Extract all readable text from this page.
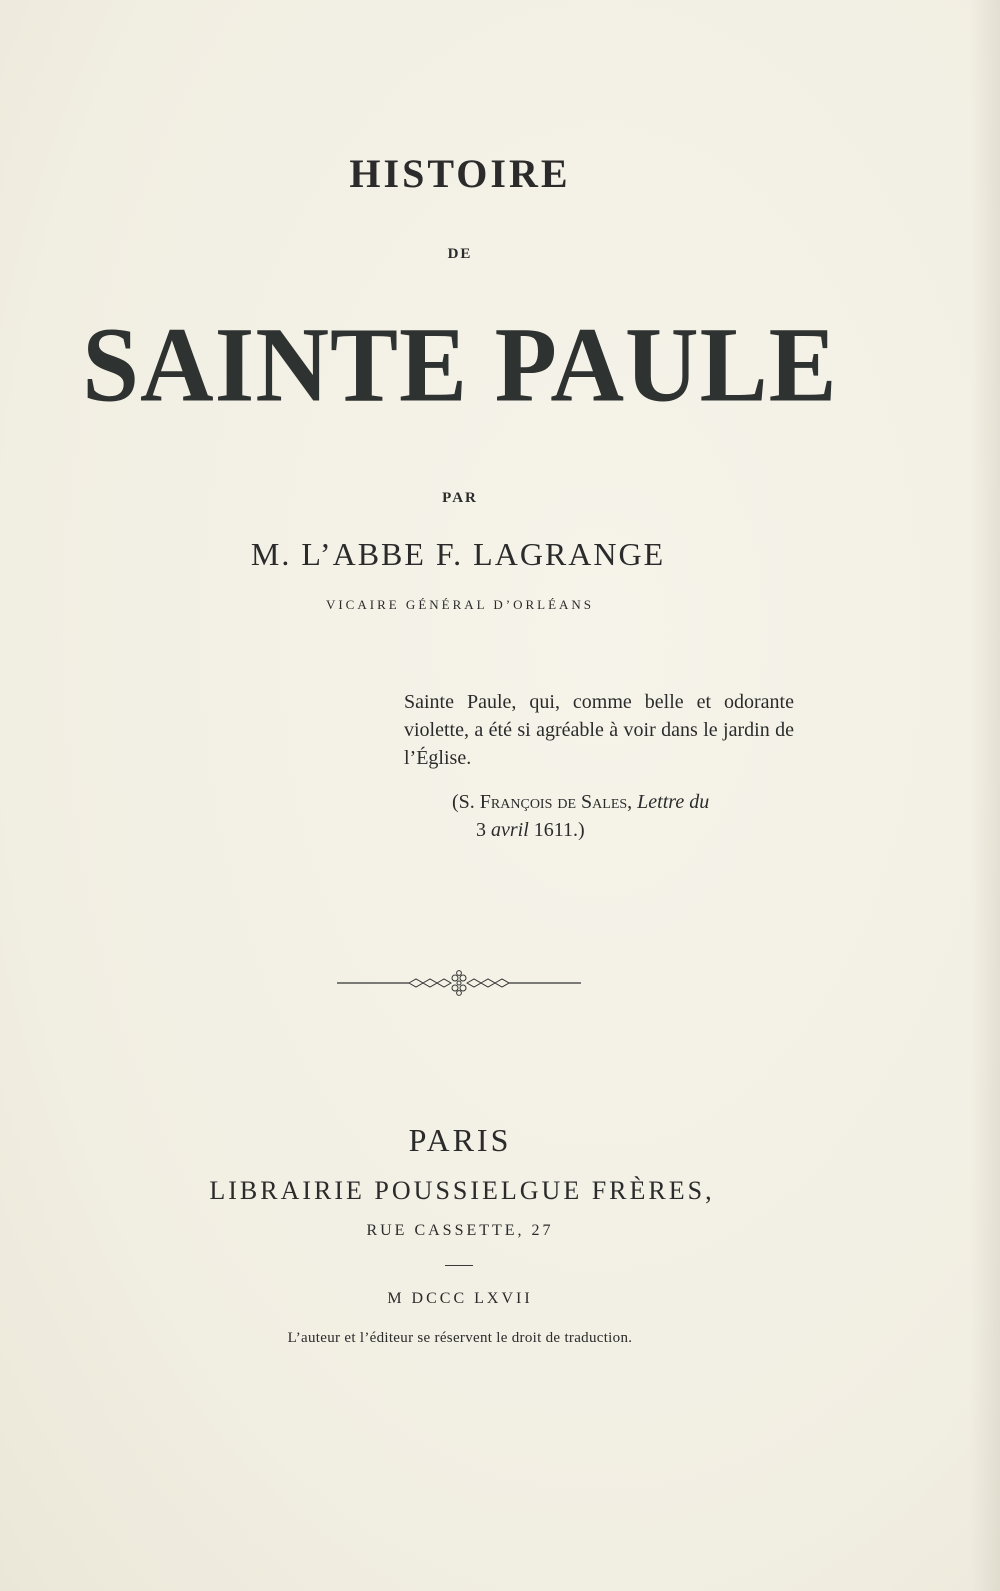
HISTOIRE
DE
SAINTE PAULE
PAR
M. L’ABBE F. LAGRANGE
VICAIRE GÉNÉRAL D’ORLÉANS
Sainte Paule, qui, comme belle et odorante violette, a été si agréable à voir dans le jardin de l’Église.
(S. François de Sales, Lettre du
3 avril 1611.)
PARIS
LIBRAIRIE POUSSIELGUE FRÈRES,
RUE CASSETTE, 27
M DCCC LXVII
L’auteur et l’éditeur se réservent le droit de traduction.
